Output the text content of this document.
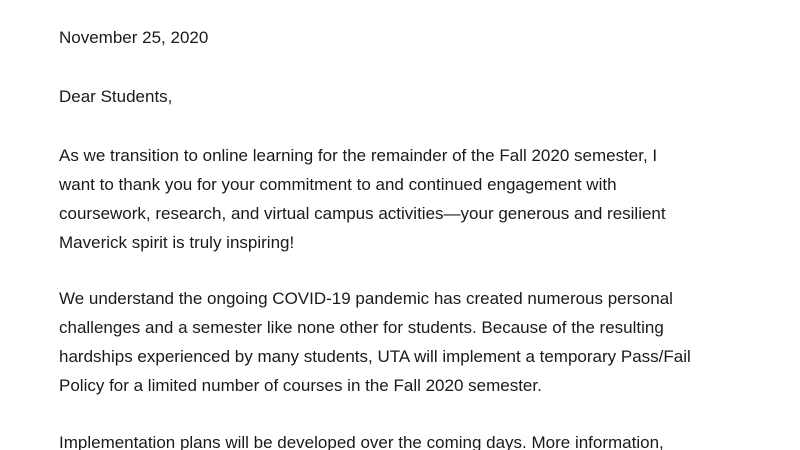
November 25, 2020

Dear Students,

As we transition to online learning for the remainder of the Fall 2020 semester, I

want to thank you for your commitment to and continued engagement with

coursework, research, and virtual campus activities—your generous and resilient

Maverick spirit is truly inspiring!

We understand the ongoing COVID-19 pandemic has created numerous personal

challenges and a semester like none other for students. Because of the resulting

hardships experienced by many students, UTA will implement a temporary Pass/Fail

Policy for a limited number of courses in the Fall 2020 semester.

Implementation plans will be developed over the coming days. More information,
